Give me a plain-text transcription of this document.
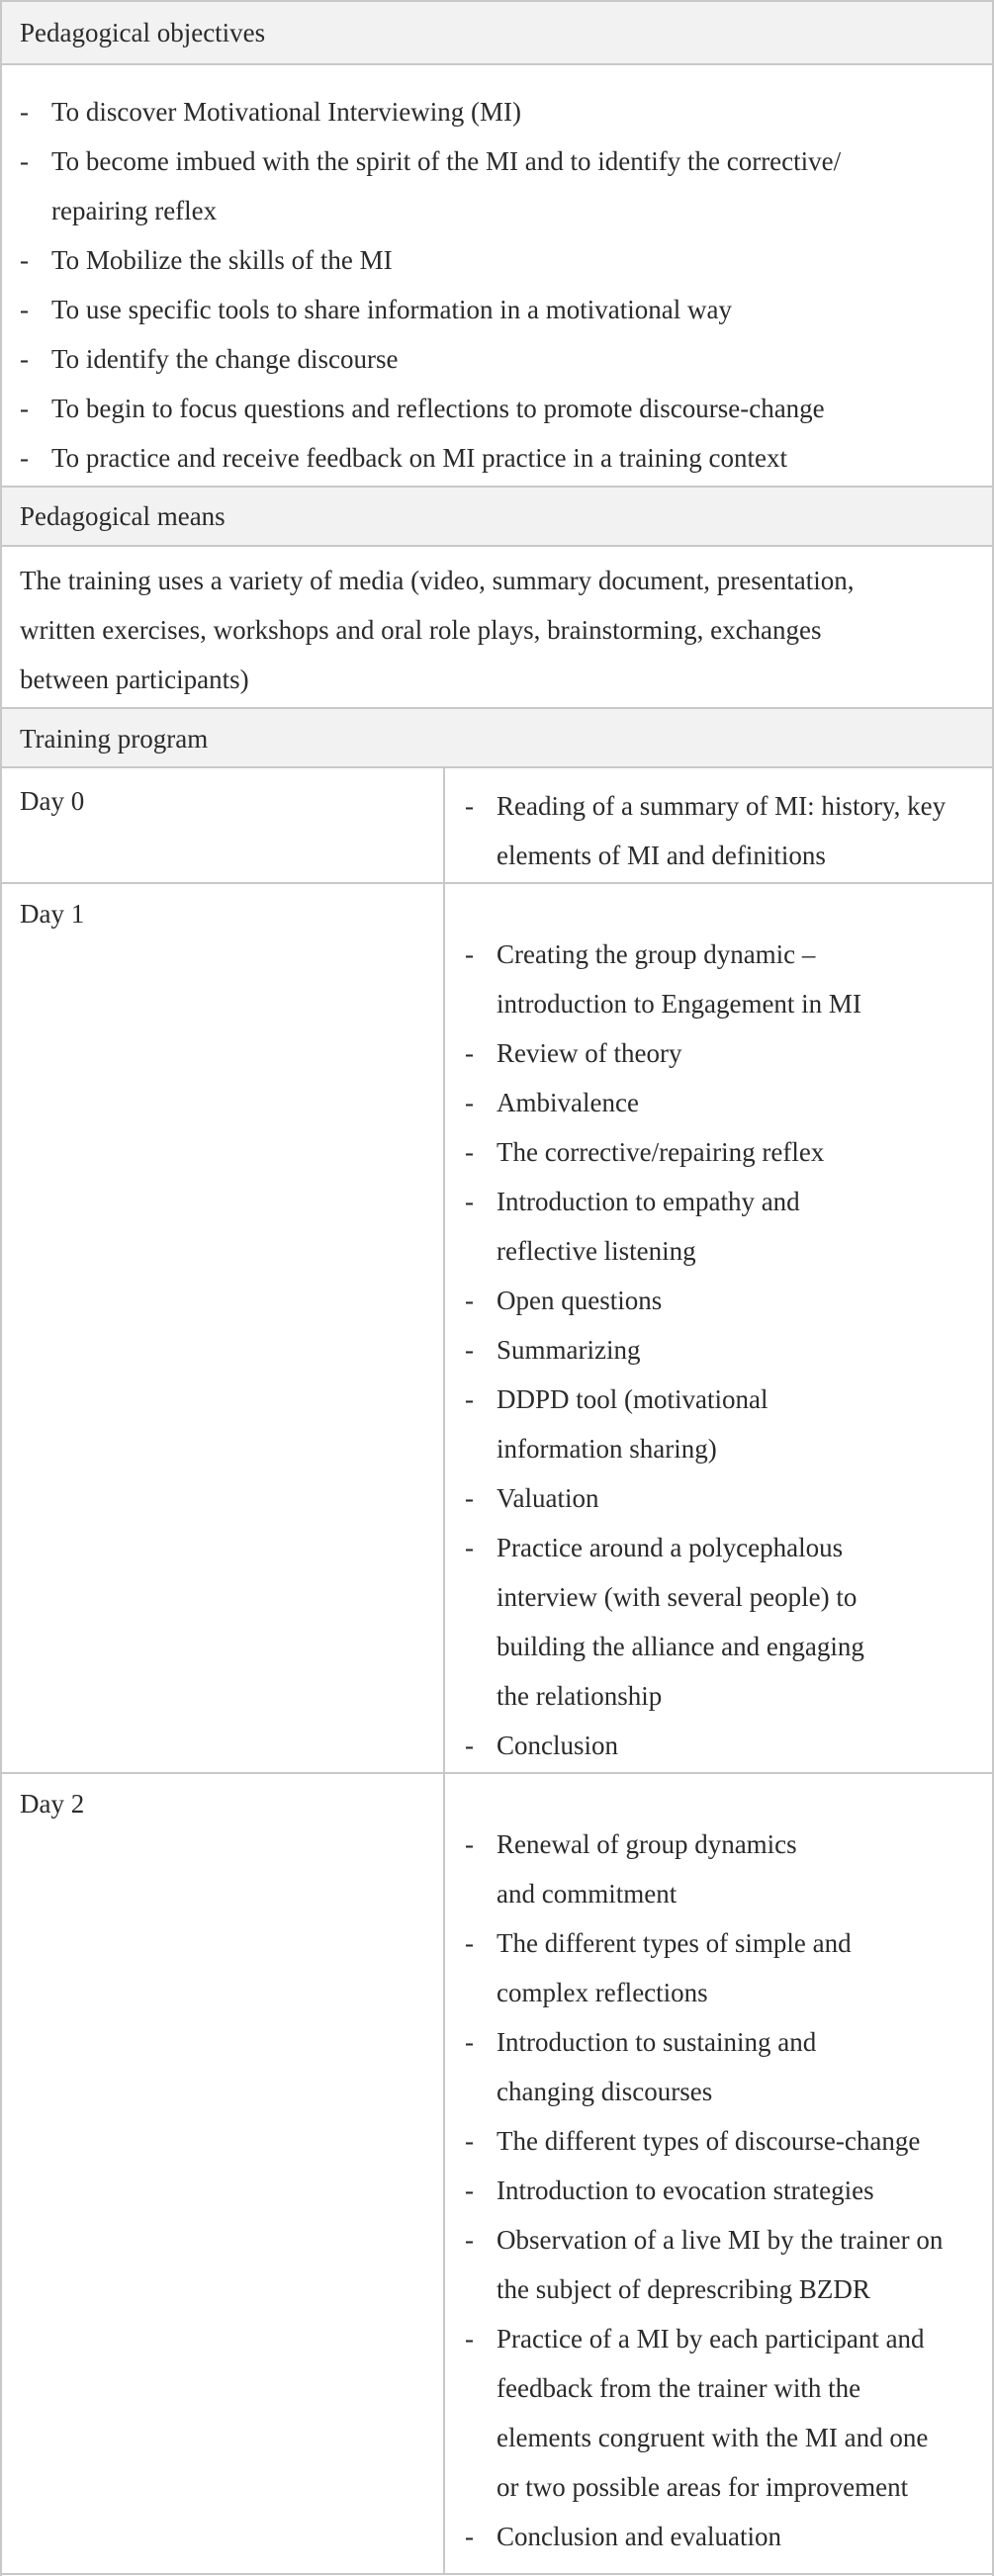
Pedagogical objectives
- To discover Motivational Interviewing (MI)
- To become imbued with the spirit of the MI and to identify the corrective/
repairing reflex
- To Mobilize the skills of the MI
- To use specific tools to share information in a motivational way
- To identify the change discourse
- To begin to focus questions and reflections to promote discourse-change
- To practice and receive feedback on MI practice in a training context
Pedagogical means
The training uses a variety of media (video, summary document, presentation,
written exercises, workshops and oral role plays, brainstorming, exchanges
between participants)
Training program
Day 0	- Reading of a summary of MI: history, key
elements of MI and definitions
Day 1
- Creating the group dynamic –
introduction to Engagement in MI
- Review of theory
- Ambivalence
- The corrective/repairing reflex
- Introduction to empathy and
reflective listening
- Open questions
- Summarizing
- DDPD tool (motivational
information sharing)
- Valuation
- Practice around a polycephalous
interview (with several people) to
building the alliance and engaging
the relationship
- Conclusion
Day 2
- Renewal of group dynamics
and commitment
- The different types of simple and
complex reflections
- Introduction to sustaining and
changing discourses
- The different types of discourse-change
- Introduction to evocation strategies
- Observation of a live MI by the trainer on
the subject of deprescribing BZDR
- Practice of a MI by each participant and
feedback from the trainer with the
elements congruent with the MI and one
or two possible areas for improvement
- Conclusion and evaluation
